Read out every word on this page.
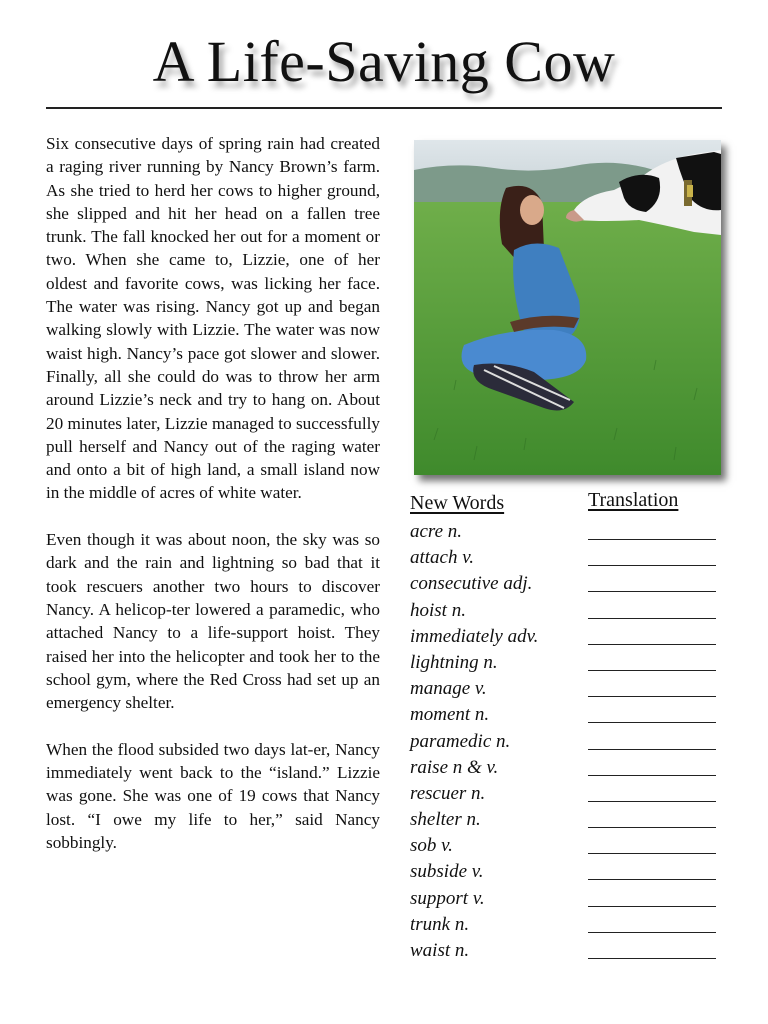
A Life-Saving Cow

Six consecutive days of spring rain had created a raging river running by Nancy Brown’s farm. As she tried to herd her cows to higher ground, she slipped and hit her head on a fallen tree trunk. The fall knocked her out for a moment or two. When she came to, Lizzie, one of her oldest and favorite cows, was licking her face. The water was rising. Nancy got up and began walking slowly with Lizzie. The water was now waist high. Nancy’s pace got slower and slower. Finally, all she could do was to throw her arm around Lizzie’s neck and try to hang on. About 20 minutes later, Lizzie managed to successfully pull herself and Nancy out of the raging water and onto a bit of high land, a small island now in the middle of acres of white water.

Even though it was about noon, the sky was so dark and the rain and lightning so bad that it took rescuers another two hours to discover Nancy. A helicop-ter lowered a paramedic, who attached Nancy to a life-support hoist. They raised her into the helicopter and took her to the school gym, where the Red Cross had set up an emergency shelter.

When the flood subsided two days lat-er, Nancy immediately went back to the “island.” Lizzie was gone. She was one of 19 cows that Nancy lost. “I owe my life to her,” said Nancy sobbingly.

New Words	Translation
acre n.
attach v.
consecutive adj.
hoist n.
immediately adv.
lightning n.
manage v.
moment n.
paramedic n.
raise n & v.
rescuer n.
shelter n.
sob v.
subside v.
support v.
trunk n.
waist n.
